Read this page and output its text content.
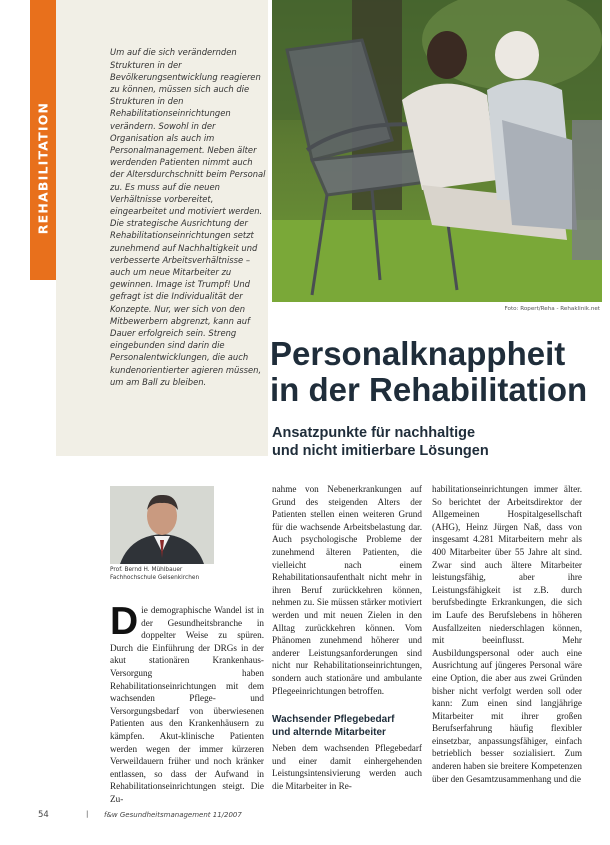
REHABILITATION

Um auf die sich verändernden Strukturen in der Bevölkerungsentwicklung reagieren zu können, müssen sich auch die Strukturen in den Rehabilitationseinrichtungen verändern. Sowohl in der Organisation als auch im Personalmanagement. Neben älter werdenden Patienten nimmt auch der Altersdurchschnitt beim Personal zu. Es muss auf die neuen Verhältnisse vorbereitet, eingearbeitet und motiviert werden. Die strategische Ausrichtung der Rehabilitationseinrichtungen setzt zunehmend auf Nachhaltigkeit und verbesserte Arbeitsverhältnisse – auch um neue Mitarbeiter zu gewinnen. Image ist Trumpf! Und gefragt ist die Individualität der Konzepte. Nur, wer sich von den Mitbewerbern abgrenzt, kann auf Dauer erfolgreich sein. Streng eingebunden sind darin die Personalentwicklungen, die auch kundenorientierter agieren müssen, um am Ball zu bleiben.

Foto: Ropert/Reha - Rehaklinik.net
Personalknappheit
in der Rehabilitation
Ansatzpunkte für nachhaltige
und nicht imitierbare Lösungen
Prof. Bernd H. Mühlbauer
Fachhochschule Gelsenkirchen
Die demographische Wandel ist in der Gesundheitsbranche in doppelter Weise zu spüren. Durch die Einführung der DRGs in der akut stationären Krankenhaus-Versorgung haben Rehabilitationseinrichtungen mit dem wachsenden Pflege- und Versorgungsbedarf von überwiesenen Patienten aus den Krankenhäusern zu kämpfen. Akut-klinische Patienten werden wegen der immer kürzeren Verweildauern früher und noch kränker entlassen, so dass der Aufwand in Rehabilitationseinrichtungen steigt. Die Zu-

nahme von Nebenerkrankungen auf Grund des steigenden Alters der Patienten stellen einen weiteren Grund für die wachsende Arbeitsbelastung dar. Auch psychologische Probleme der zunehmend älteren Patienten, die vielleicht nach einem Rehabilitationsaufenthalt nicht mehr in ihren Beruf zurückkehren können, nehmen zu. Sie müssen stärker motiviert werden und mit neuen Zielen in den Alltag zurückkehren können. Vom Phänomen zunehmend höherer und anderer Leistungsanforderungen sind nicht nur Rehabilitationseinrichtungen, sondern auch stationäre und ambulante Pflegeeinrichtungen betroffen.

Wachsender Pflegebedarf
und alternde Mitarbeiter

Neben dem wachsenden Pflegebedarf und einer damit einhergehenden Leistungsintensivierung werden auch die Mitarbeiter in Re-

habilitationseinrichtungen immer älter. So berichtet der Arbeitsdirektor der Allgemeinen Hospitalgesellschaft (AHG), Heinz Jürgen Naß, dass von insgesamt 4.281 Mitarbeitern mehr als 400 Mitarbeiter über 55 Jahre alt sind. Zwar sind auch ältere Mitarbeiter leistungsfähig, aber ihre Leistungsfähigkeit ist z.B. durch berufsbedingte Erkrankungen, die sich im Laufe des Berufslebens in höheren Ausfallzeiten niederschlagen können, mit beeinflusst. Mehr Ausbildungspersonal oder auch eine Ausrichtung auf jüngeres Personal wäre eine Option, die aber aus zwei Gründen bisher nicht verfolgt werden soll oder kann: Zum einen sind langjährige Mitarbeiter mit ihrer großen Berufserfahrung häufig flexibler einsetzbar, anpassungsfähiger, einfach betrieblich besser sozialisiert. Zum anderen haben sie breitere Kompetenzen über den Gesamtzusammenhang und die

54	| f&w Gesundheitsmanagement 11/2007
